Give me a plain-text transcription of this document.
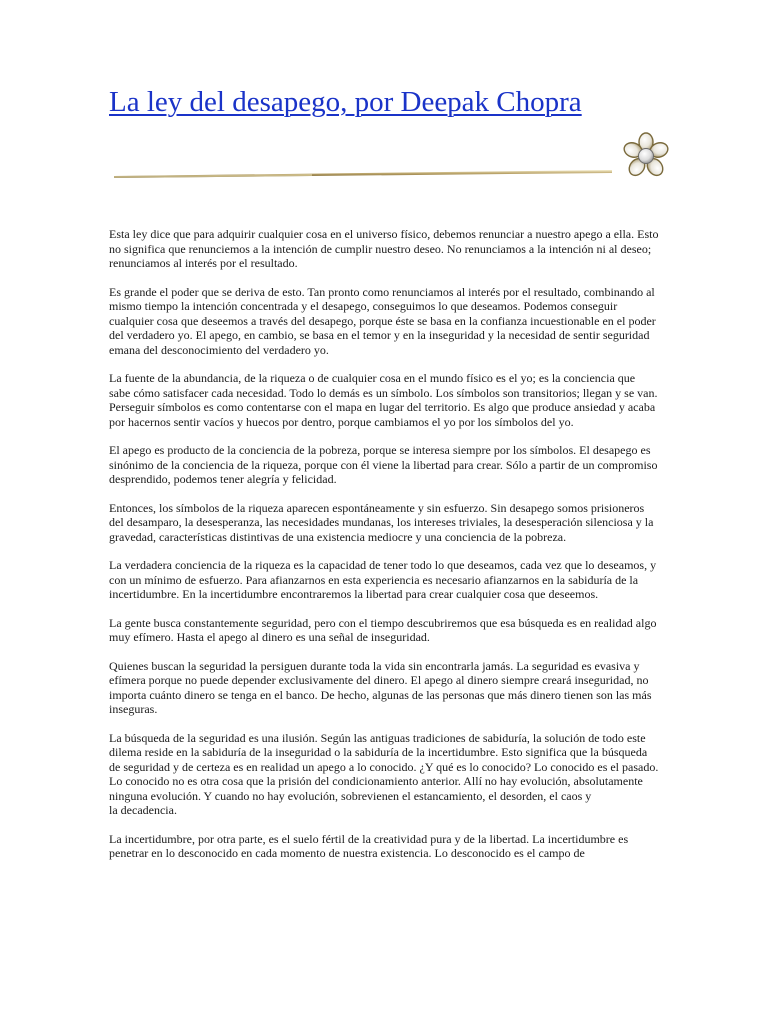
La ley del desapego, por Deepak Chopra

Esta ley dice que para adquirir cualquier cosa en el universo físico, debemos renunciar a nuestro apego a ella. Esto no significa que renunciemos a la intención de cumplir nuestro deseo. No renunciamos a la intención ni al deseo; renunciamos al interés por el resultado.

Es grande el poder que se deriva de esto. Tan pronto como renunciamos al interés por el resultado, combinando al mismo tiempo la intención concentrada y el desapego, conseguimos lo que deseamos. Podemos conseguir cualquier cosa que deseemos a través del desapego, porque éste se basa en la confianza incuestionable en el poder del verdadero yo. El apego, en cambio, se basa en el temor y en la inseguridad y la necesidad de sentir seguridad emana del desconocimiento del verdadero yo.

La fuente de la abundancia, de la riqueza o de cualquier cosa en el mundo físico es el yo; es la conciencia que sabe cómo satisfacer cada necesidad. Todo lo demás es un símbolo. Los símbolos son transitorios; llegan y se van. Perseguir símbolos es como contentarse con el mapa en lugar del territorio. Es algo que produce ansiedad y acaba por hacernos sentir vacíos y huecos por dentro, porque cambiamos el yo por los símbolos del yo.

El apego es producto de la conciencia de la pobreza, porque se interesa siempre por los símbolos. El desapego es sinónimo de la conciencia de la riqueza, porque con él viene la libertad para crear. Sólo a partir de un compromiso desprendido, podemos tener alegría y felicidad.

Entonces, los símbolos de la riqueza aparecen espontáneamente y sin esfuerzo. Sin desapego somos prisioneros del desamparo, la desesperanza, las necesidades mundanas, los intereses triviales, la desesperación silenciosa y la gravedad, características distintivas de una existencia mediocre y una conciencia de la pobreza.

La verdadera conciencia de la riqueza es la capacidad de tener todo lo que deseamos, cada vez que lo deseamos, y con un mínimo de esfuerzo. Para afianzarnos en esta experiencia es necesario afianzarnos en la sabiduría de la incertidumbre. En la incertidumbre encontraremos la libertad para crear cualquier cosa que deseemos.

La gente busca constantemente seguridad, pero con el tiempo descubriremos que esa búsqueda es en realidad algo muy efímero. Hasta el apego al dinero es una señal de inseguridad.

Quienes buscan la seguridad la persiguen durante toda la vida sin encontrarla jamás. La seguridad es evasiva y efímera porque no puede depender exclusivamente del dinero. El apego al dinero siempre creará inseguridad, no importa cuánto dinero se tenga en el banco. De hecho, algunas de las personas que más dinero tienen son las más inseguras.

La búsqueda de la seguridad es una ilusión. Según las antiguas tradiciones de sabiduría, la solución de todo este dilema reside en la sabiduría de la inseguridad o la sabiduría de la incertidumbre. Esto significa que la búsqueda de seguridad y de certeza es en realidad un apego a lo conocido. ¿Y qué es lo conocido? Lo conocido es el pasado. Lo conocido no es otra cosa que la prisión del condicionamiento anterior. Allí no hay evolución, absolutamente ninguna evolución. Y cuando no hay evolución, sobrevienen el estancamiento, el desorden, el caos y
la decadencia.

La incertidumbre, por otra parte, es el suelo fértil de la creatividad pura y de la libertad. La incertidumbre es penetrar en lo desconocido en cada momento de nuestra existencia. Lo desconocido es el campo de
